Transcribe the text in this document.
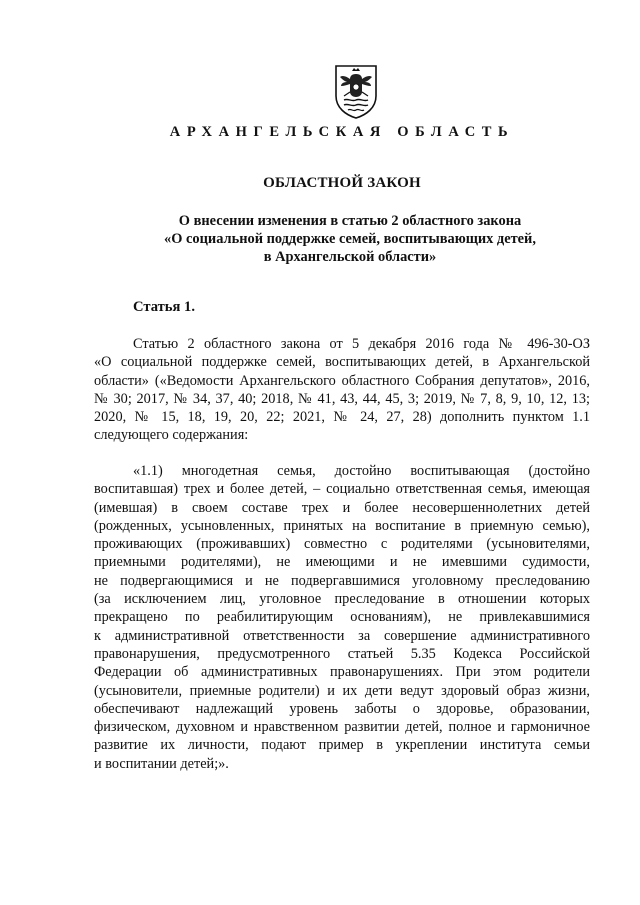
АРХАНГЕЛЬСКАЯ ОБЛАСТЬ
ОБЛАСТНОЙ ЗАКОН
О внесении изменения в статью 2 областного закона
«О социальной поддержке семей, воспитывающих детей,
в Архангельской области»
Статья 1.
Статью 2 областного закона от 5 декабря 2016 года № 496-30-ОЗ
«О социальной поддержке семей, воспитывающих детей, в Архангельской
области» («Ведомости Архангельского областного Собрания депутатов», 2016,
№ 30; 2017, № 34, 37, 40; 2018, № 41, 43, 44, 45, 3; 2019, № 7, 8, 9, 10, 12, 13;
2020, № 15, 18, 19, 20, 22; 2021, № 24, 27, 28) дополнить пунктом 1.1
следующего содержания:
«1.1) многодетная семья, достойно воспитывающая (достойно
воспитавшая) трех и более детей, – социально ответственная семья, имеющая
(имевшая) в своем составе трех и более несовершеннолетних детей
(рожденных, усыновленных, принятых на воспитание в приемную семью),
проживающих (проживавших) совместно с родителями (усыновителями,
приемными родителями), не имеющими и не имевшими судимости,
не подвергающимися и не подвергавшимися уголовному преследованию
(за исключением лиц, уголовное преследование в отношении которых
прекращено по реабилитирующим основаниям), не привлекавшимися
к административной ответственности за совершение административного
правонарушения, предусмотренного статьей 5.35 Кодекса Российской
Федерации об административных правонарушениях. При этом родители
(усыновители, приемные родители) и их дети ведут здоровый образ жизни,
обеспечивают надлежащий уровень заботы о здоровье, образовании,
физическом, духовном и нравственном развитии детей, полное и гармоничное
развитие их личности, подают пример в укреплении института семьи
и воспитании детей;».
